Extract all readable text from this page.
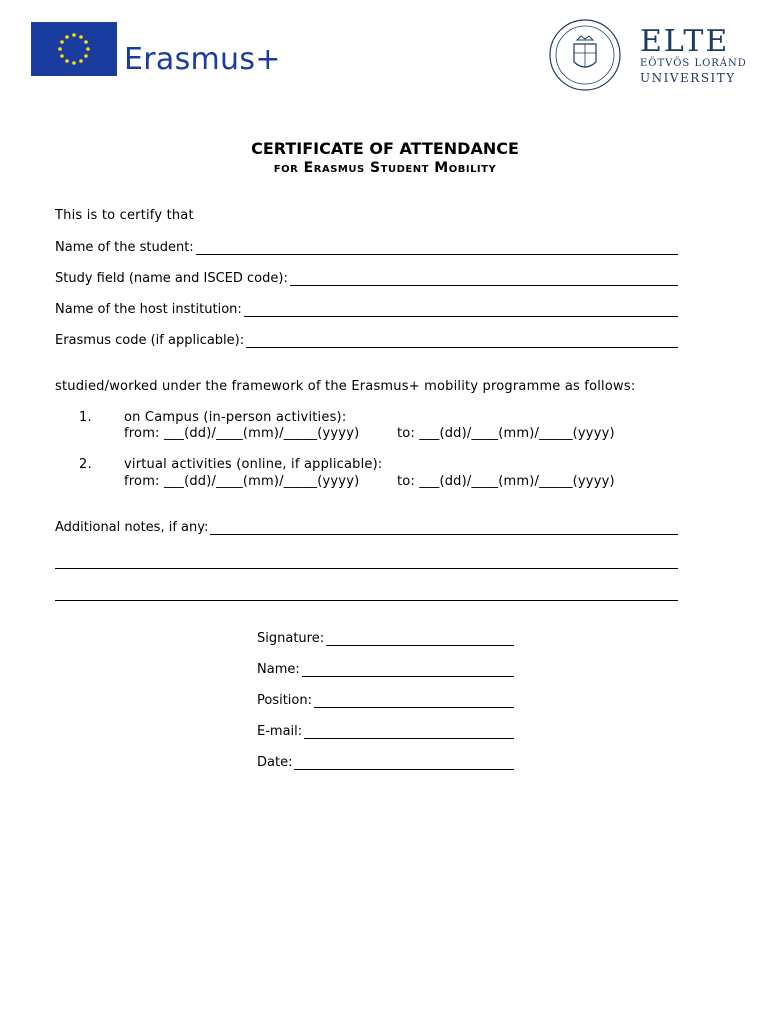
Erasmus+
ELTE
EÖTVÖS LORÁND
UNIVERSITY
CERTIFICATE OF ATTENDANCE
for Erasmus Student Mobility
This is to certify that
Name of the student:
Study field (name and ISCED code):
Name of the host institution:
Erasmus code (if applicable):
studied/worked under the framework of the Erasmus+ mobility programme as follows:
1. on Campus (in-person activities):
from: ___(dd)/____(mm)/_____(yyyy)	to: ___(dd)/____(mm)/_____(yyyy)
2. virtual activities (online, if applicable):
from: ___(dd)/____(mm)/_____(yyyy)	to: ___(dd)/____(mm)/_____(yyyy)
Additional notes, if any:
Signature:
Name:
Position:
E-mail:
Date:
